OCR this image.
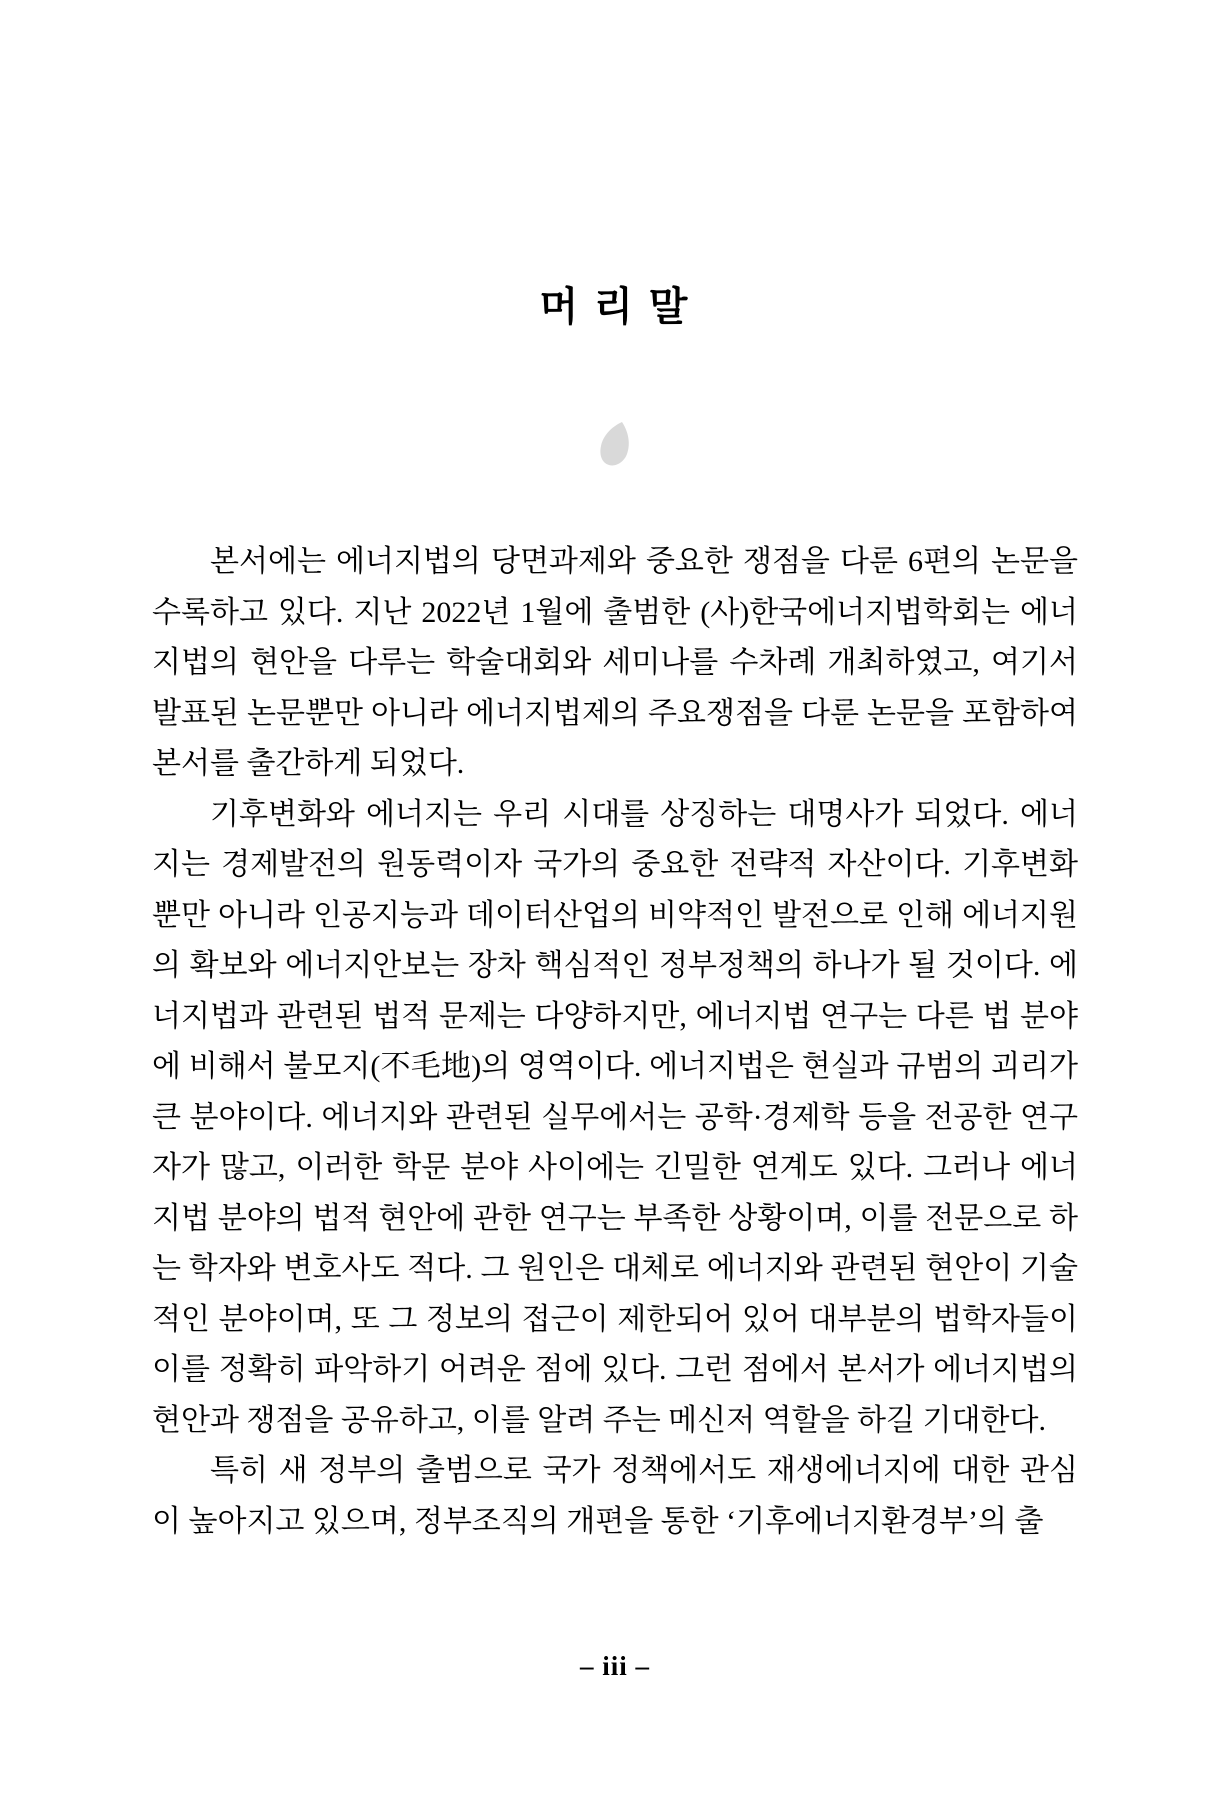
머 리 말

본서에는 에너지법의 당면과제와 중요한 쟁점을 다룬 6편의 논문을 수록하고 있다. 지난 2022년 1월에 출범한 (사)한국에너지법학회는 에너지법의 현안을 다루는 학술대회와 세미나를 수차례 개최하였고, 여기서 발표된 논문뿐만 아니라 에너지법제의 주요쟁점을 다룬 논문을 포함하여 본서를 출간하게 되었다.

기후변화와 에너지는 우리 시대를 상징하는 대명사가 되었다. 에너지는 경제발전의 원동력이자 국가의 중요한 전략적 자산이다. 기후변화뿐만 아니라 인공지능과 데이터산업의 비약적인 발전으로 인해 에너지원의 확보와 에너지안보는 장차 핵심적인 정부정책의 하나가 될 것이다. 에너지법과 관련된 법적 문제는 다양하지만, 에너지법 연구는 다른 법 분야에 비해서 불모지(不毛地)의 영역이다. 에너지법은 현실과 규범의 괴리가 큰 분야이다. 에너지와 관련된 실무에서는 공학·경제학 등을 전공한 연구자가 많고, 이러한 학문 분야 사이에는 긴밀한 연계도 있다. 그러나 에너지법 분야의 법적 현안에 관한 연구는 부족한 상황이며, 이를 전문으로 하는 학자와 변호사도 적다. 그 원인은 대체로 에너지와 관련된 현안이 기술적인 분야이며, 또 그 정보의 접근이 제한되어 있어 대부분의 법학자들이 이를 정확히 파악하기 어려운 점에 있다. 그런 점에서 본서가 에너지법의 현안과 쟁점을 공유하고, 이를 알려 주는 메신저 역할을 하길 기대한다.

특히 새 정부의 출범으로 국가 정책에서도 재생에너지에 대한 관심이 높아지고 있으며, 정부조직의 개편을 통한 ‘기후에너지환경부’의 출

– iii –
